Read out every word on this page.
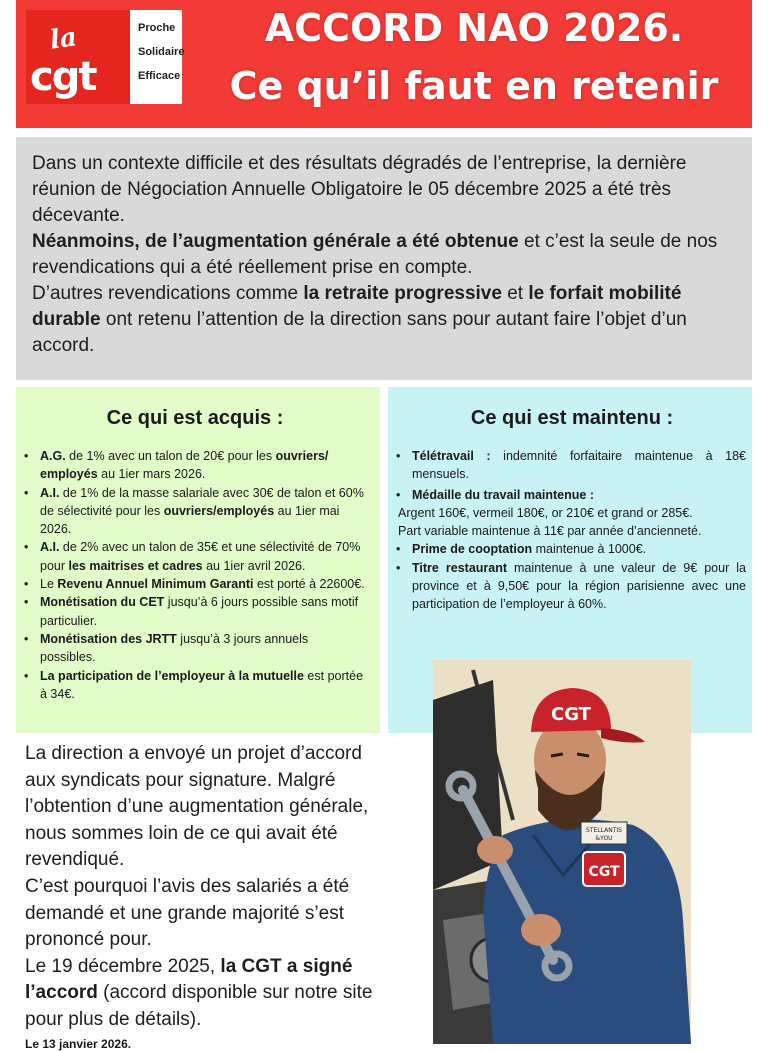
la
cgt
Proche
Solidaire
Efficace
ACCORD NAO 2026.
Ce qu’il faut en retenir

Dans un contexte difficile et des résultats dégradés de l’entreprise, la dernière réunion de Négociation Annuelle Obligatoire le 05 décembre 2025 a été très décevante.

Néanmoins, de l’augmentation générale a été obtenue et c’est la seule de nos revendications qui a été réellement prise en compte.

D’autres revendications comme la retraite progressive et le forfait mobilité durable ont retenu l’attention de la direction sans pour autant faire l’objet d’un accord.

Ce qui est acquis :
• A.G. de 1% avec un talon de 20€ pour les ouvriers/ employés au 1ier mars 2026.
• A.I. de 1% de la masse salariale avec 30€ de talon et 60% de sélectivité pour les ouvriers/employés au 1ier mai 2026.
• A.I. de 2% avec un talon de 35€ et une sélectivité de 70% pour les maitrises et cadres au 1ier avril 2026.
• Le Revenu Annuel Minimum Garanti est porté à 22600€.
• Monétisation du CET jusqu’à 6 jours possible sans motif particulier.
• Monétisation des JRTT jusqu’à 3 jours annuels possibles.
• La participation de l’employeur à la mutuelle est portée à 34€.
Ce qui est maintenu :
• Télétravail : indemnité forfaitaire maintenue à 18€ mensuels.
• Médaille du travail maintenue :

Argent 160€, vermeil 180€, or 210€ et grand or 285€.

Part variable maintenue à 11€ par année d’ancienneté.

• Prime de cooptation maintenue à 1000€.
• Titre restaurant maintenue à une valeur de 9€ pour la province et à 9,50€ pour la région parisienne avec une participation de l’employeur à 60%.

La direction a envoyé un projet d’accord aux syndicats pour signature. Malgré l’obtention d’une augmentation générale, nous sommes loin de ce qui avait été revendiqué.

C’est pourquoi l’avis des salariés a été demandé et une grande majorité s’est prononcé pour.

Le 19 décembre 2025, la CGT a signé l’accord (accord disponible sur notre site pour plus de détails).

Le 13 janvier 2026.
CGT
STELLANTIS
&YOU
CGT
